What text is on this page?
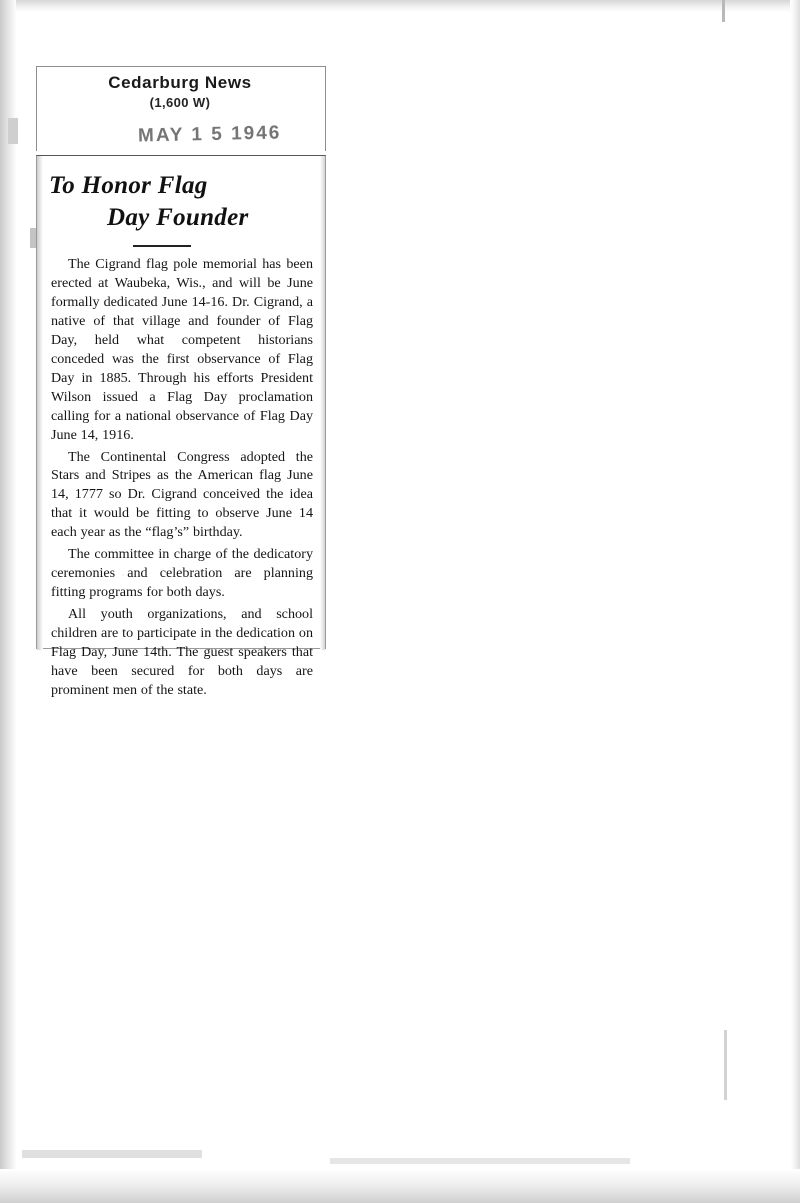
Cedarburg News
(1,600 W)
MAY 1 5 1946
To Honor Flag
Day Founder

The Cigrand flag pole memorial has been erected at Waubeka, Wis., and will be June formally dedicated June 14-16. Dr. Cigrand, a native of that village and founder of Flag Day, held what competent historians conceded was the first observance of Flag Day in 1885. Through his efforts President Wilson issued a Flag Day proclamation calling for a national observance of Flag Day June 14, 1916.

The Continental Congress adopted the Stars and Stripes as the American flag June 14, 1777 so Dr. Cigrand conceived the idea that it would be fitting to observe June 14 each year as the “flag’s” birthday.

The committee in charge of the dedicatory ceremonies and celebration are planning fitting programs for both days.

All youth organizations, and school children are to participate in the dedication on Flag Day, June 14th. The guest speakers that have been secured for both days are prominent men of the state.
